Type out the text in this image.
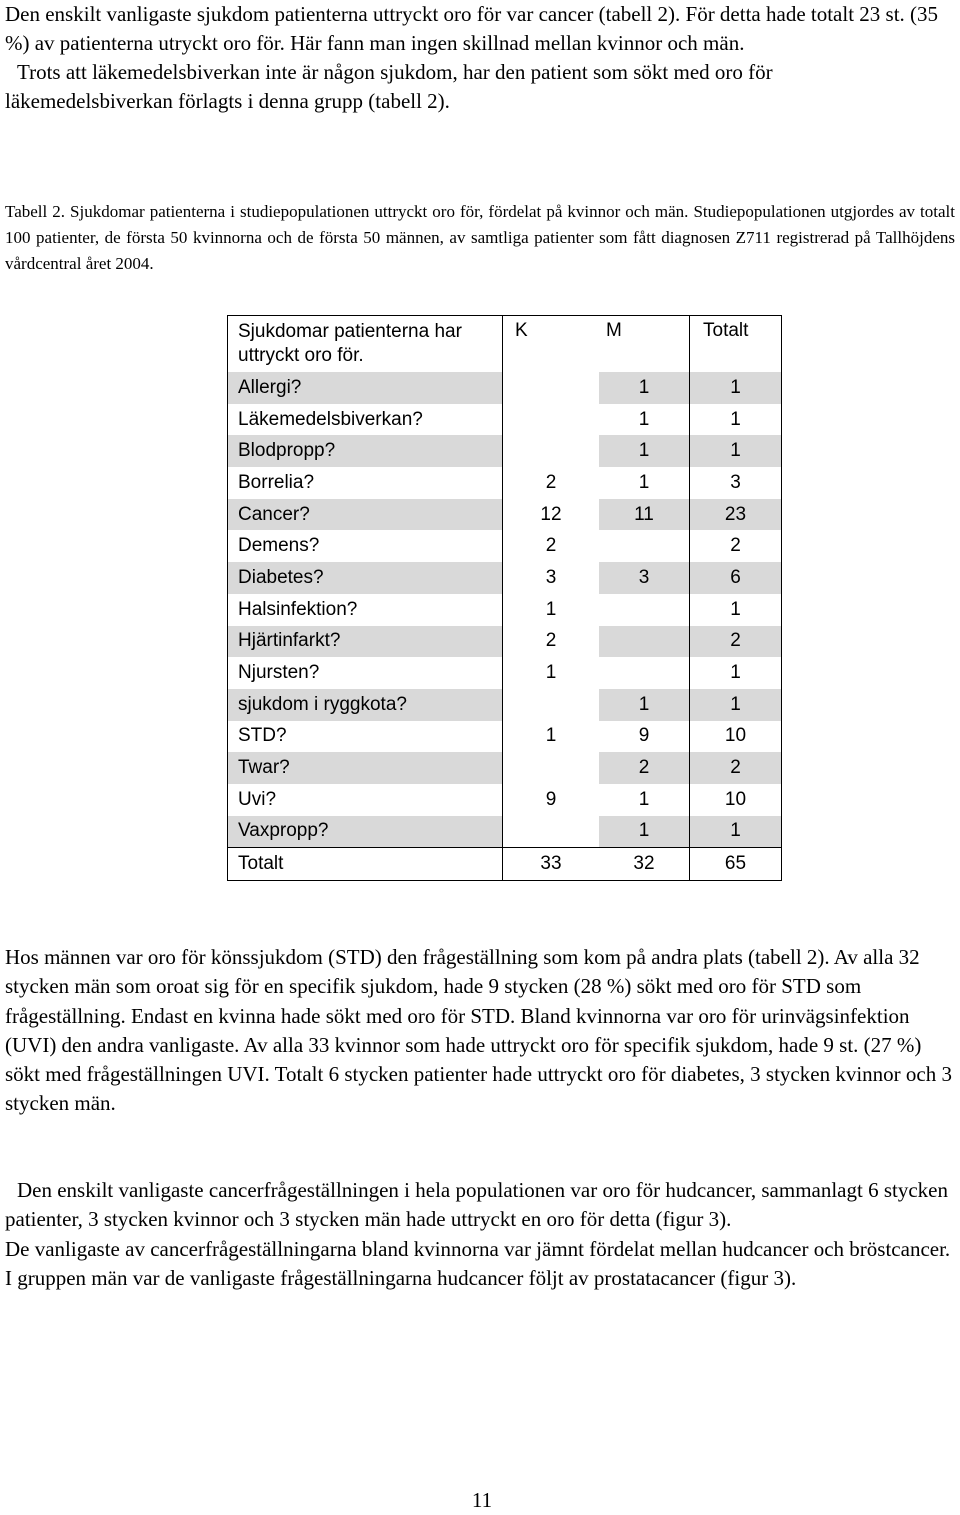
Den enskilt vanligaste sjukdom patienterna uttryckt oro för var cancer (tabell 2). För detta hade totalt 23 st. (35 %) av patienterna utryckt oro för. Här fann man ingen skillnad mellan kvinnor och män.

Trots att läkemedelsbiverkan inte är någon sjukdom, har den patient som sökt med oro för läkemedelsbiverkan förlagts i denna grupp (tabell 2).

Tabell 2. Sjukdomar patienterna i studiepopulationen uttryckt oro för, fördelat på kvinnor och män. Studiepopulationen utgjordes av totalt 100 patienter, de första 50 kvinnorna och de första 50 männen, av samtliga patienter som fått diagnosen Z711 registrerad på Tallhöjdens vårdcentral året 2004.

Sjukdomar patienterna har uttryckt oro för.	K	M	Totalt
Allergi?		1	1
Läkemedelsbiverkan?		1	1
Blodpropp?		1	1
Borrelia?	2	1	3
Cancer?	12	11	23
Demens?	2		2
Diabetes?	3	3	6
Halsinfektion?	1		1
Hjärtinfarkt?	2		2
Njursten?	1		1
sjukdom i ryggkota?		1	1
STD?	1	9	10
Twar?		2	2
Uvi?	9	1	10
Vaxpropp?		1	1
Totalt	33	32	65

Hos männen var oro för könssjukdom (STD) den frågeställning som kom på andra plats (tabell 2). Av alla 32 stycken män som oroat sig för en specifik sjukdom, hade 9 stycken (28 %) sökt med oro för STD som frågeställning. Endast en kvinna hade sökt med oro för STD. Bland kvinnorna var oro för urinvägsinfektion (UVI) den andra vanligaste. Av alla 33 kvinnor som hade uttryckt oro för specifik sjukdom, hade 9 st. (27 %) sökt med frågeställningen UVI. Totalt 6 stycken patienter hade uttryckt oro för diabetes, 3 stycken kvinnor och 3 stycken män.

Den enskilt vanligaste cancerfrågeställningen i hela populationen var oro för hudcancer, sammanlagt 6 stycken patienter, 3 stycken kvinnor och 3 stycken män hade uttryckt en oro för detta (figur 3).

De vanligaste av cancerfrågeställningarna bland kvinnorna var jämnt fördelat mellan hudcancer och bröstcancer. I gruppen män var de vanligaste frågeställningarna hudcancer följt av prostatacancer (figur 3).

11
